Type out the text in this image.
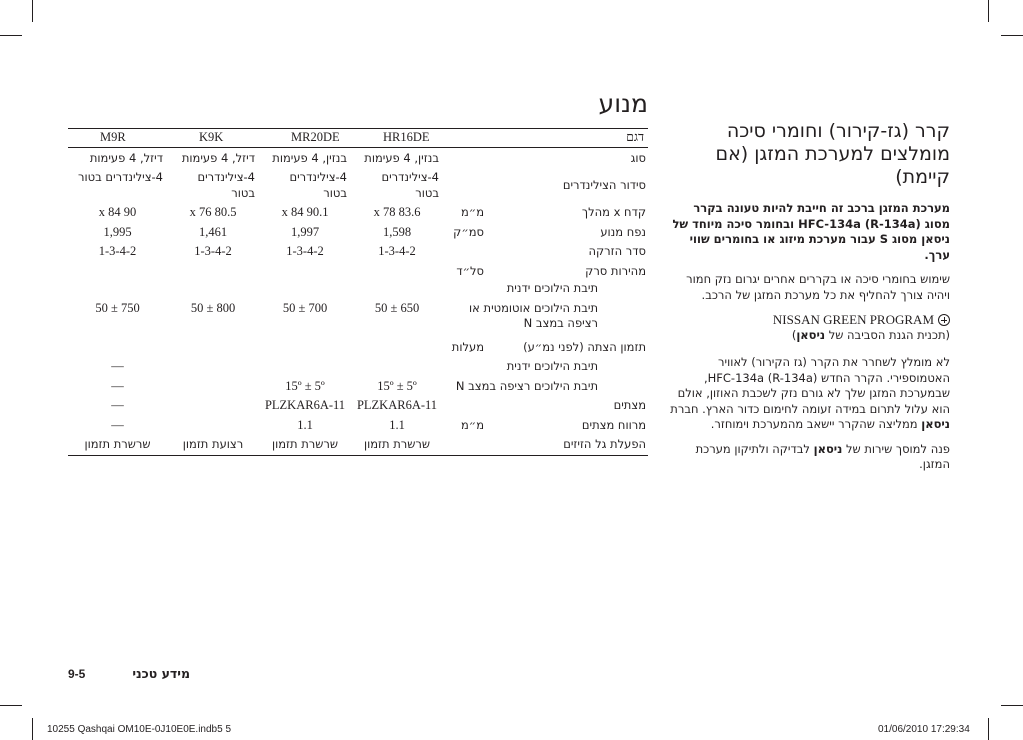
מנוע
דגם		HR16DE	MR20DE	K9K	M9R
סוג		בנזין, 4 פעימות	בנזין, 4 פעימות	דיזל, 4 פעימות	דיזל, 4 פעימות
סידור הצילינדרים		4-צילינדרים בטור	4-צילינדרים בטור	4-צילינדרים בטור	4-צילינדרים בטור
קדח x מהלך	מ״מ	83.6 x 78	90.1 x 84	80.5 x 76	90 x 84
נפח מנוע	סמ״ק	1,598	1,997	1,461	1,995
סדר הזרקה		1-3-4-2	1-3-4-2	1-3-4-2	1-3-4-2
מהירות סרק	סל״ד				
תיבת הילוכים ידנית					
תיבת הילוכים אוטומטית או רציפה במצב N		650 ± 50	700 ± 50	800 ± 50	750 ± 50
תזמון הצתה (לפני נמ״ע)	מעלות				
תיבת הילוכים ידנית					—
תיבת הילוכים רציפה במצב N		15º ± 5º	15º ± 5º		—
מצתים		PLZKAR6A-11	PLZKAR6A-11		—
מרווח מצתים	מ״מ	1.1	1.1		—
הפעלת גל הזיזים		שרשרת תזמון	שרשרת תזמון	רצועת תזמון	שרשרת תזמון
קרר (גז-קירור) וחומרי סיכה מומלצים למערכת המזגן (אם קיימת)

מערכת המזגן ברכב זה חייבת להיות טעונה בקרר מסוג HFC-134a (R-134a) ובחומר סיכה מיוחד של ניסאן מסוג S עבור מערכת מיזוג או בחומרים שווי ערך.

שימוש בחומרי סיכה או בקררים אחרים יגרום נזק חמור ויהיה צורך להחליף את כל מערכת המזגן של הרכב.

NISSAN GREEN PROGRAM

(תכנית הגנת הסביבה של ניסאן)

לא מומלץ לשחרר את הקרר (גז הקירור) לאוויר האטמוספירי. הקרר החדש HFC-134a (R-134a), שבמערכת המזגן שלך לא גורם נזק לשכבת האוזון, אולם הוא עלול לתרום במידה זעומה לחימום כדור הארץ. חברת ניסאן ממליצה שהקרר יישאב מהמערכת וימוחזר.

פנה למוסך שירות של ניסאן לבדיקה ולתיקון מערכת המזגן.

9-5	מידע טכני
10255 Qashqai OM10E-0J10E0E.indb5 5	01/06/2010 17:29:34
